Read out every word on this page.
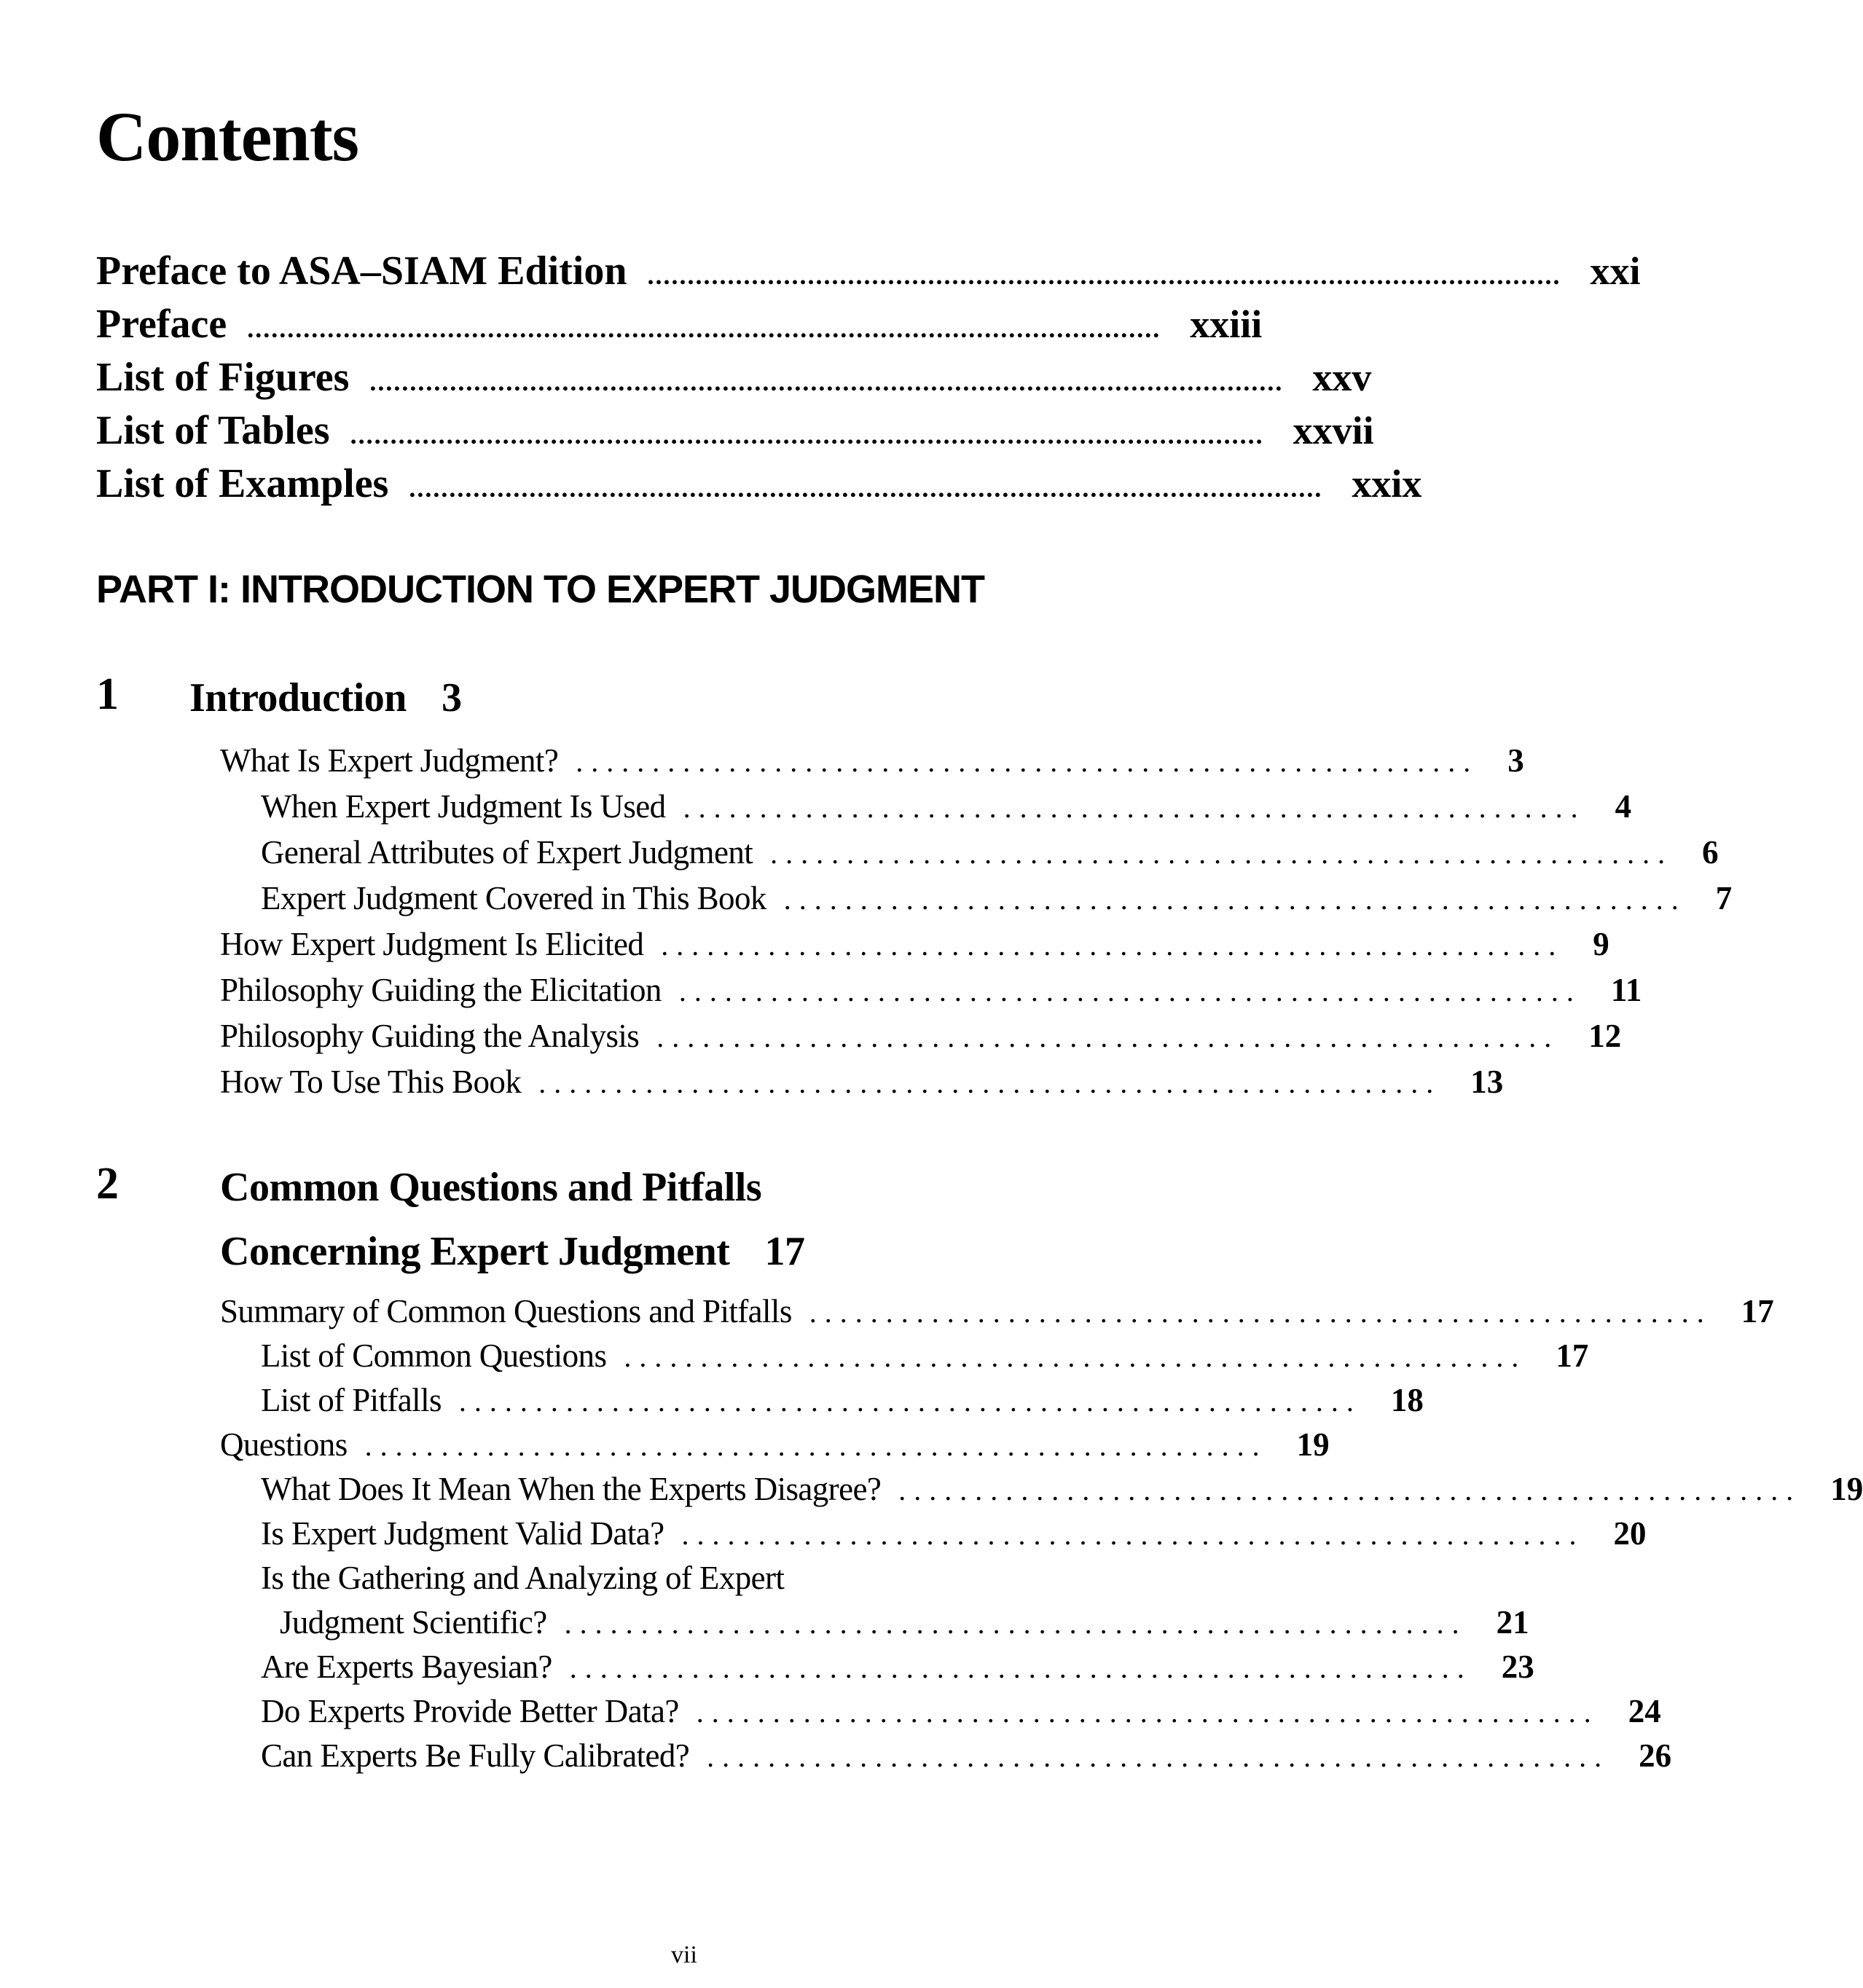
Contents
Preface to ASA–SIAM Edition .................................................................................................................. xxi
Preface .................................................................................................................. xxiii
List of Figures .................................................................................................................. xxv
List of Tables .................................................................................................................. xxvii
List of Examples .................................................................................................................. xxix
PART I: INTRODUCTION TO EXPERT JUDGMENT
1 Introduction 3
What Is Expert Judgment? ........................................................... 3
When Expert Judgment Is Used ........................................................... 4
General Attributes of Expert Judgment ........................................................... 6
Expert Judgment Covered in This Book ........................................................... 7
How Expert Judgment Is Elicited ........................................................... 9
Philosophy Guiding the Elicitation ........................................................... 11
Philosophy Guiding the Analysis ........................................................... 12
How To Use This Book ........................................................... 13
2 Common Questions and Pitfalls
Concerning Expert Judgment 17
Summary of Common Questions and Pitfalls ........................................................... 17
List of Common Questions ........................................................... 17
List of Pitfalls ........................................................... 18
Questions ........................................................... 19
What Does It Mean When the Experts Disagree? ........................................................... 19
Is Expert Judgment Valid Data? ........................................................... 20
Is the Gathering and Analyzing of Expert
Judgment Scientific? ........................................................... 21
Are Experts Bayesian? ........................................................... 23
Do Experts Provide Better Data? ........................................................... 24
Can Experts Be Fully Calibrated? ........................................................... 26
vii
